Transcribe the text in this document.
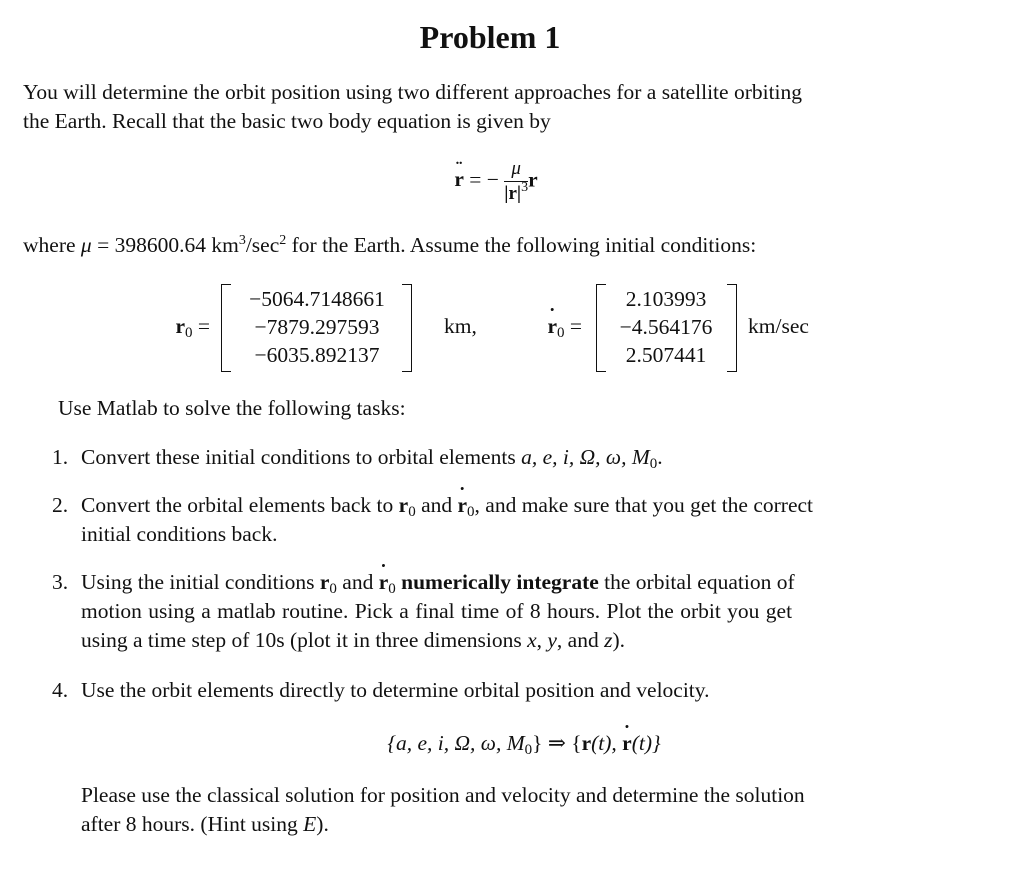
Problem 1
You will determine the orbit position using two different approaches for a satellite orbiting
the Earth. Recall that the basic two body equation is given by
r ¨ = − $\frac{\mu}{|r|^3}$ r
where μ = 398600.64 $km^3/\sec^2$ for the Earth. Assume the following initial conditions:
$r_0$ =
−5064.7148661
−7879.297593
−6035.892137
km,	r $˙_0$ =
2.103993
−4.564176
2.507441
km/sec
Use Matlab to solve the following tasks:
1. Convert these initial conditions to orbital elements a, e, i, Ω, ω, $M_0$.
2. Convert the orbital elements back to $r_0$ and r $˙_0$, and make sure that you get the correct
initial conditions back.
3. Using the initial conditions $r_0$ and r $˙_0$ numerically integrate the orbital equation of
motion using a matlab routine. Pick a final time of 8 hours. Plot the orbit you get
using a time step of 10s (plot it in three dimensions x, y, and z).
4. Use the orbit elements directly to determine orbital position and velocity.
{a, e, i, Ω, ω, $M_0$} ⇒ {r(t), r ˙(t)}
Please use the classical solution for position and velocity and determine the solution
after 8 hours. (Hint using E).
